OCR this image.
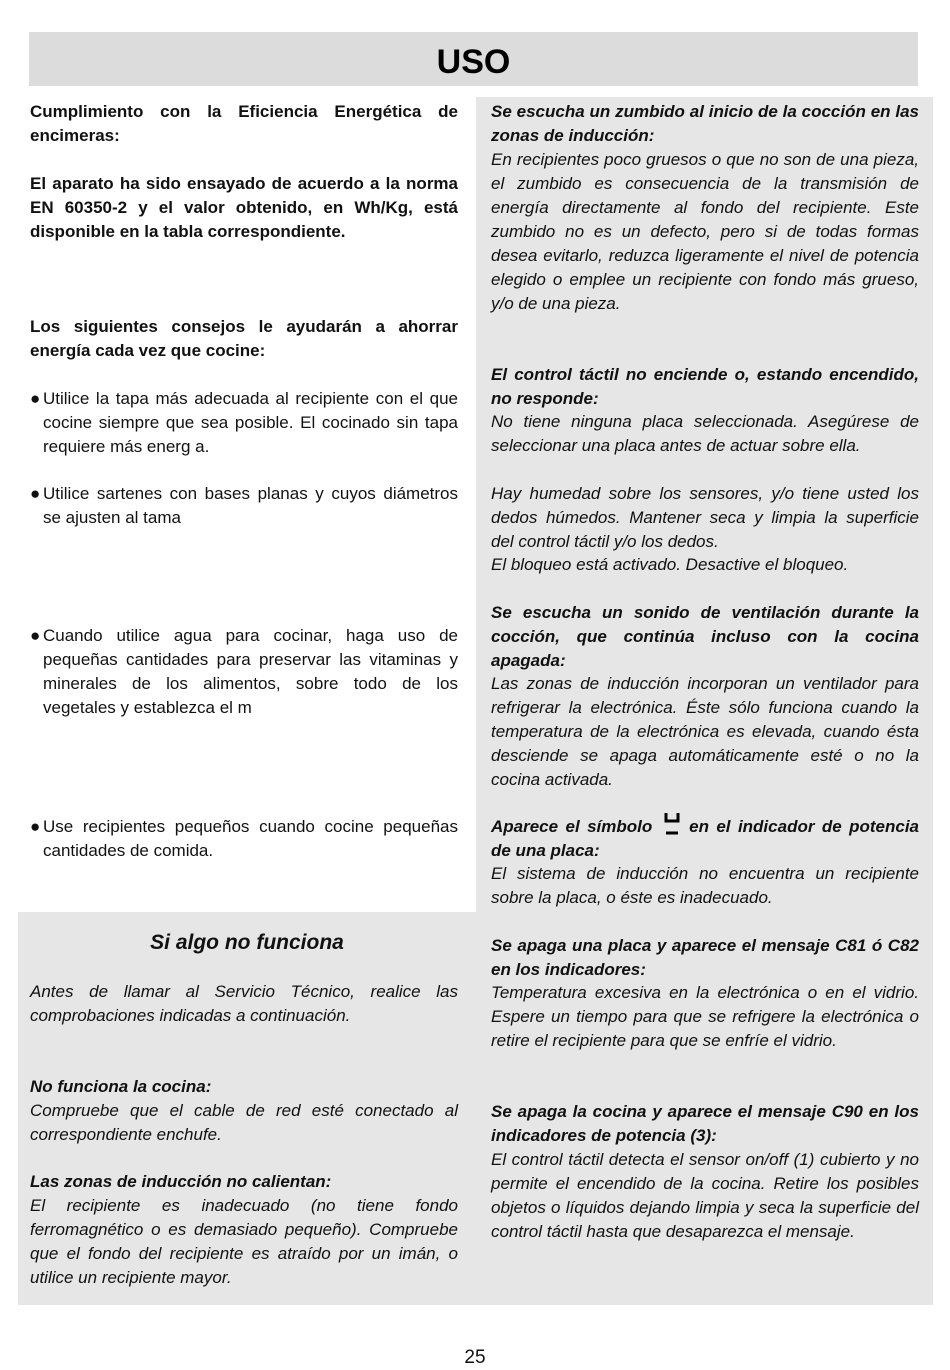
USO

Cumplimiento con la Eficiencia Energética de encimeras:

El aparato ha sido ensayado de acuerdo a la norma EN 60350-2 y el valor obtenido, en Wh/Kg, está disponible en la tabla correspondiente.

Los siguientes consejos le ayudarán a ahorrar energía cada vez que cocine:

● Utilice la tapa más adecuada al recipiente con el que cocine siempre que sea posible. El cocinado sin tapa requiere más energ a.
● Utilice sartenes con bases planas y cuyos diámetros se ajusten al tama
● Cuando utilice agua para cocinar, haga uso de pequeñas cantidades para preservar las vitaminas y minerales de los alimentos, sobre todo de los vegetales y establezca el m
● Use recipientes pequeños cuando cocine pequeñas cantidades de comida.
Si algo no funciona

Antes de llamar al Servicio Técnico, realice las comprobaciones indicadas a continuación.

No funciona la cocina:

Compruebe que el cable de red esté conectado al correspondiente enchufe.

Las zonas de inducción no calientan:

El recipiente es inadecuado (no tiene fondo ferromagnético o es demasiado pequeño). Compruebe que el fondo del recipiente es atraído por un imán, o utilice un recipiente mayor.

Se escucha un zumbido al inicio de la cocción en las zonas de inducción:

En recipientes poco gruesos o que no son de una pieza, el zumbido es consecuencia de la transmisión de energía directamente al fondo del recipiente. Este zumbido no es un defecto, pero si de todas formas desea evitarlo, reduzca ligeramente el nivel de potencia elegido o emplee un recipiente con fondo más grueso, y/o de una pieza.

El control táctil no enciende o, estando encendido, no responde:

No tiene ninguna placa seleccionada. Asegúrese de seleccionar una placa antes de actuar sobre ella.

Hay humedad sobre los sensores, y/o tiene usted los dedos húmedos. Mantener seca y limpia la superficie del control táctil y/o los dedos.

El bloqueo está activado. Desactive el bloqueo.

Se escucha un sonido de ventilación durante la cocción, que continúa incluso con la cocina apagada:

Las zonas de inducción incorporan un ventilador para refrigerar la electrónica. Éste sólo funciona cuando la temperatura de la electrónica es elevada, cuando ésta desciende se apaga automáticamente esté o no la cocina activada.

Aparece el símbolo en el indicador de potencia de una placa:

El sistema de inducción no encuentra un recipiente sobre la placa, o éste es inadecuado.

Se apaga una placa y aparece el mensaje C81 ó C82 en los indicadores:

Temperatura excesiva en la electrónica o en el vidrio. Espere un tiempo para que se refrigere la electrónica o retire el recipiente para que se enfríe el vidrio.

Se apaga la cocina y aparece el mensaje C90 en los indicadores de potencia (3):

El control táctil detecta el sensor on/off (1) cubierto y no permite el encendido de la cocina. Retire los posibles objetos o líquidos dejando limpia y seca la superficie del control táctil hasta que desaparezca el mensaje.

25
